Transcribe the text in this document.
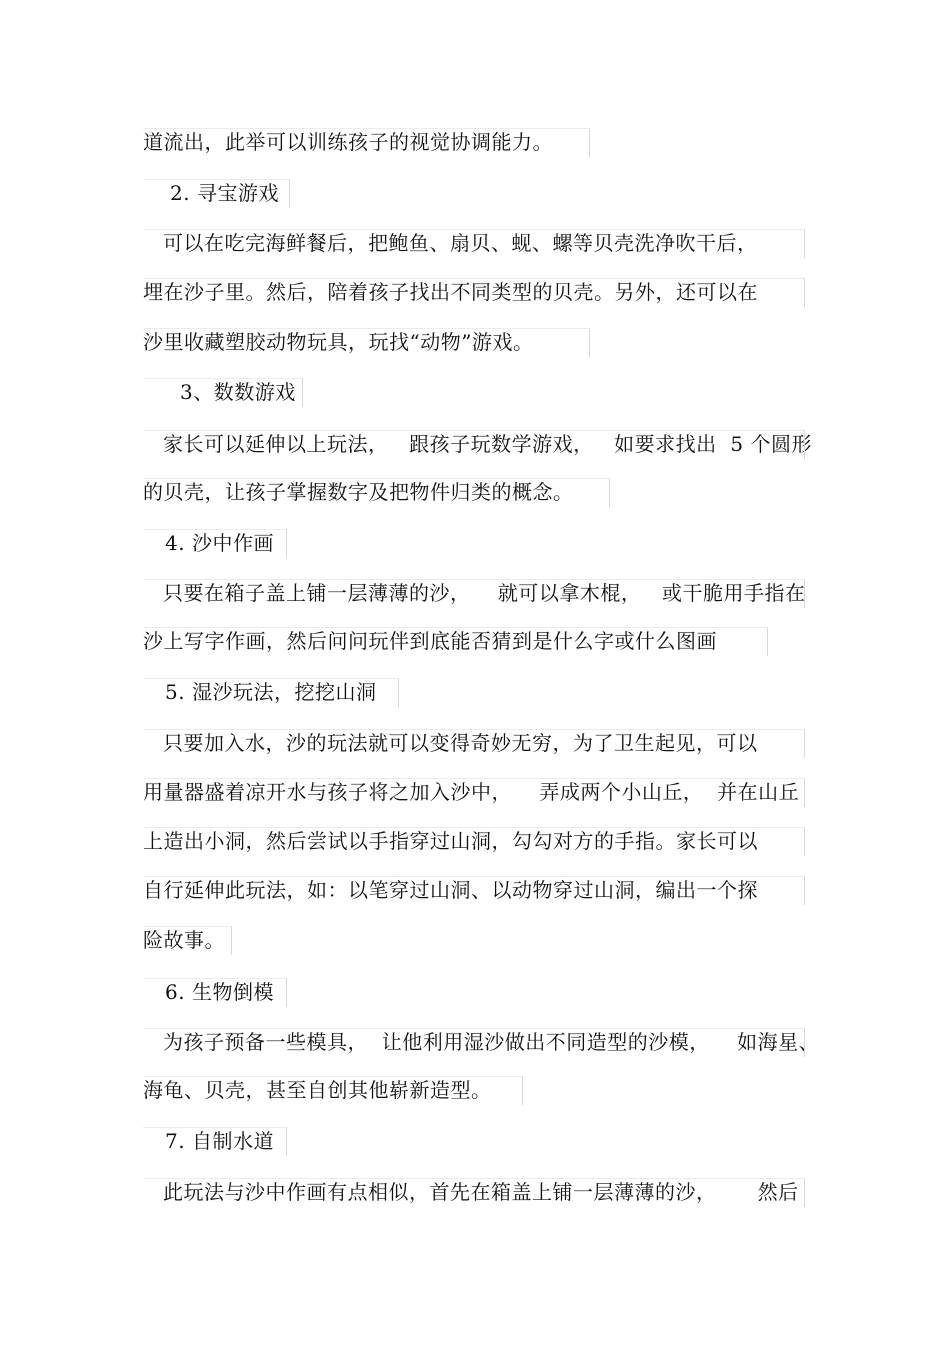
道流出，此举可以训练孩子的视觉协调能力。
2. 寻宝游戏
可以在吃完海鲜餐后，把鲍鱼、扇贝、蚬、螺等贝壳洗净吹干后，
埋在沙子里。然后，陪着孩子找出不同类型的贝壳。另外，还可以在
沙里收藏塑胶动物玩具，玩找“动物”游戏。
3、数数游戏
家长可以延伸以上玩法，   跟孩子玩数学游戏，   如要求找出  5 个圆形
的贝壳，让孩子掌握数字及把物件归类的概念。
4. 沙中作画
只要在箱子盖上铺一层薄薄的沙，    就可以拿木棍，   或干脆用手指在
沙上写字作画，然后问问玩伴到底能否猜到是什么字或什么图画
5. 湿沙玩法，挖挖山洞
只要加入水，沙的玩法就可以变得奇妙无穷，为了卫生起见，可以
用量器盛着凉开水与孩子将之加入沙中，    弄成两个小山丘，  并在山丘
上造出小洞，然后尝试以手指穿过山洞，勾勾对方的手指。家长可以
自行延伸此玩法，如：以笔穿过山洞、以动物穿过山洞，编出一个探
险故事。
6. 生物倒模
为孩子预备一些模具，  让他利用湿沙做出不同造型的沙模，    如海星、
海龟、贝壳，甚至自创其他崭新造型。
7. 自制水道
此玩法与沙中作画有点相似，首先在箱盖上铺一层薄薄的沙，      然后
